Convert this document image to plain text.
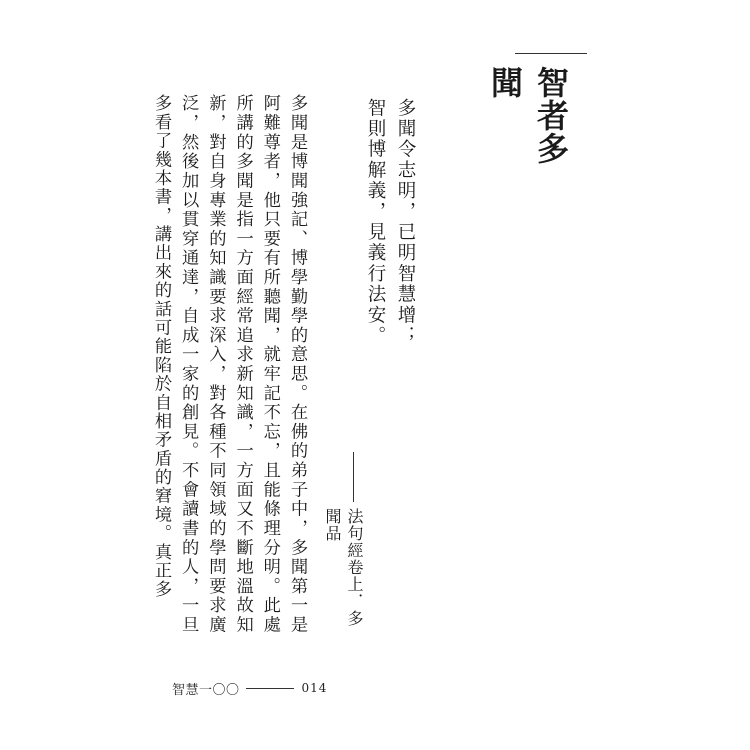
智者多聞
多聞令志明，已明智慧增；
智則博解義，見義行法安。
法句經卷上．多聞品
多聞是博聞強記、博學勤學的意思。在佛的弟子中，多聞第一是阿難尊者，他只要有所聽聞，就牢記不忘，且能條理分明。此處所講的多聞是指一方面經常追求新知識，一方面又不斷地溫故知新，對自身專業的知識要求深入，對各種不同領域的學問要求廣泛，然後加以貫穿通達，自成一家的創見。不會讀書的人，一旦多看了幾本書，講出來的話可能陷於自相矛盾的窘境。真正多
智慧一〇〇	014
